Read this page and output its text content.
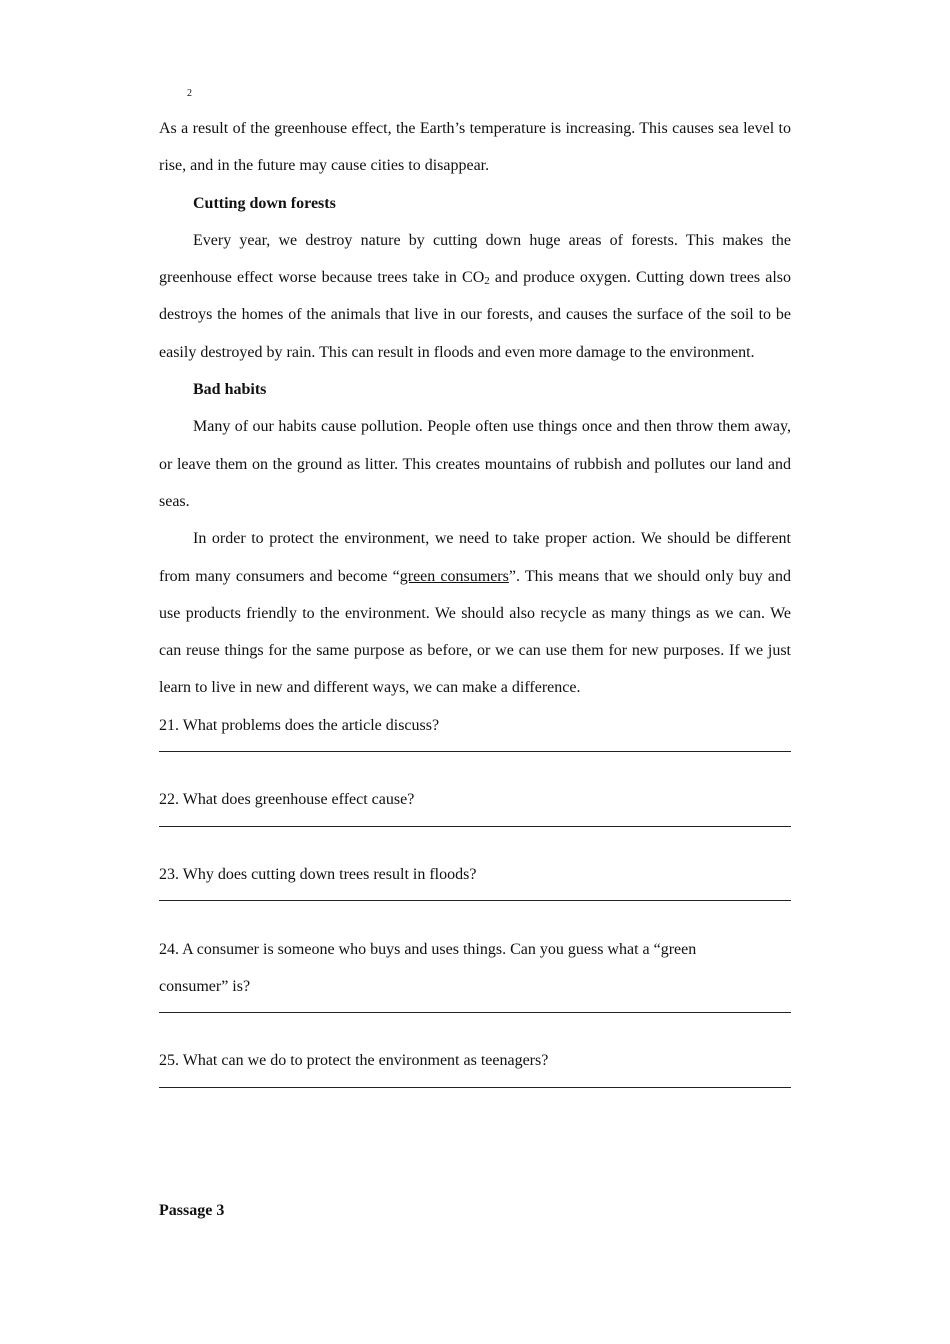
2

As a result of the greenhouse effect, the Earth’s temperature is increasing. This causes sea level to rise, and in the future may cause cities to disappear.

Cutting down forests

Every year, we destroy nature by cutting down huge areas of forests. This makes the greenhouse effect worse because trees take in $CO_2$ and produce oxygen. Cutting down trees also destroys the homes of the animals that live in our forests, and causes the surface of the soil to be easily destroyed by rain. This can result in floods and even more damage to the environment.

Bad habits

Many of our habits cause pollution. People often use things once and then throw them away, or leave them on the ground as litter. This creates mountains of rubbish and pollutes our land and seas.

In order to protect the environment, we need to take proper action. We should be different from many consumers and become “green consumers”. This means that we should only buy and use products friendly to the environment. We should also recycle as many things as we can. We can reuse things for the same purpose as before, or we can use them for new purposes. If we just learn to live in new and different ways, we can make a difference.

21. What problems does the article discuss?

22. What does greenhouse effect cause?

23. Why does cutting down trees result in floods?

24. A consumer is someone who buys and uses things. Can you guess what a “green consumer” is?

25. What can we do to protect the environment as teenagers?

Passage 3
